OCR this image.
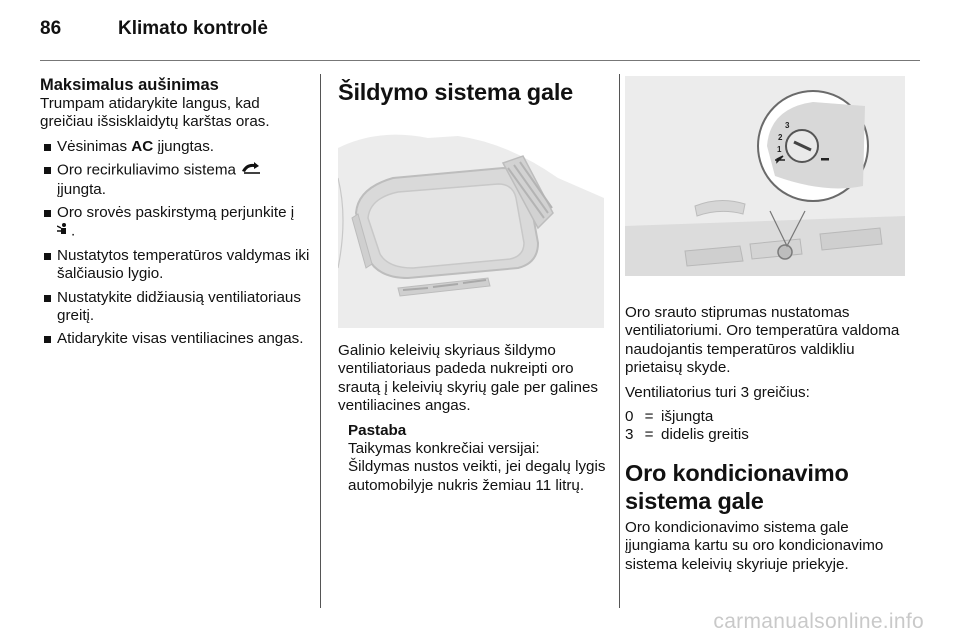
86	Klimato kontrolė
Maksimalus aušinimas

Trumpam atidarykite langus, kad greičiau išsisklaidytų karštas oras.

Vėsinimas AC įjungtas.
Oro recirkuliavimo sistema
įjungta.
Oro srovės paskirstymą perjunkite į
.
Nustatytos temperatūros valdymas iki šalčiausio lygio.
Nustatykite didžiausią ventiliatoriaus greitį.
Atidarykite visas ventiliacines angas.
Šildymo sistema gale

Galinio keleivių skyriaus šildymo ventiliatoriaus padeda nukreipti oro srautą į keleivių skyrių gale per galines ventiliacines angas.

Pastaba

Taikymas konkrečiai versijai:

Šildymas nustos veikti, jei degalų lygis automobilyje nukris žemiau 11 litrų.

3
2
1

Oro srauto stiprumas nustatomas ventiliatoriumi. Oro temperatūra valdoma naudojantis temperatūros valdikliu prietaisų skyde.

Ventiliatorius turi 3 greičius:

0 = išjungta
3 = didelis greitis
Oro kondicionavimo sistema gale

Oro kondicionavimo sistema gale įjungiama kartu su oro kondicionavimo sistema keleivių skyriuje priekyje.

carmanualsonline.info
